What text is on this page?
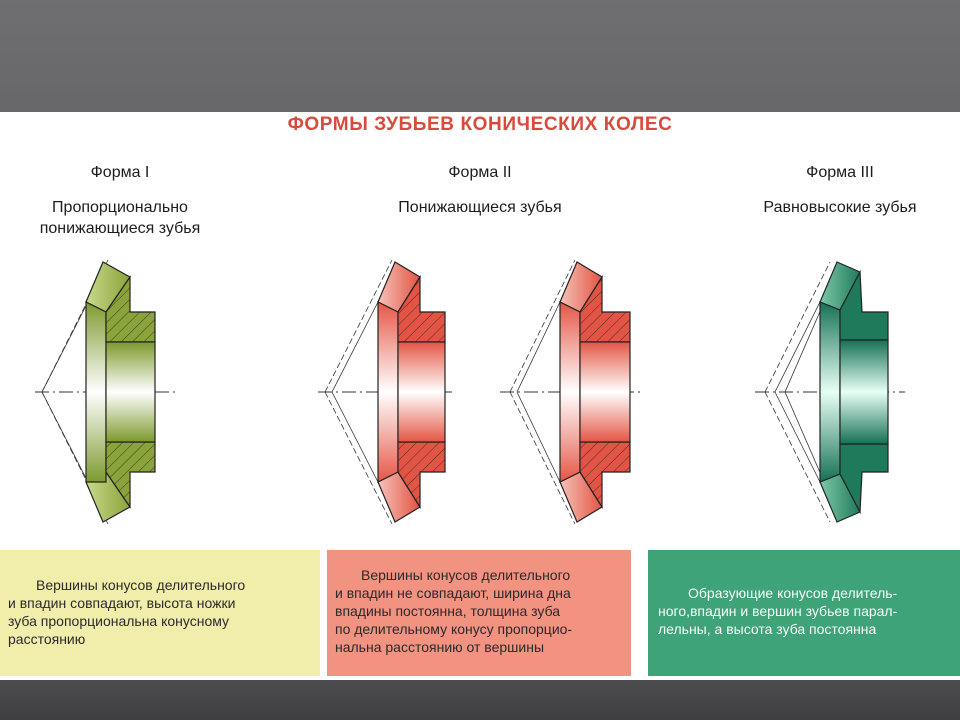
ФОРМЫ ЗУБЬЕВ КОНИЧЕСКИХ КОЛЕС
Форма I
Пропорционально
понижающиеся зубья
Форма II
Понижающиеся зубья
Форма III
Равновысокие зубья
Вершины конусов делительного
и впадин совпадают, высота ножки
зуба пропорциональна конусному
расстоянию
Вершины конусов делительного
и впадин не совпадают, ширина дна
впадины постоянна, толщина зуба
по делительному конусу пропорцио-
нальна расстоянию от вершины
Образующие конусов делитель-
ного,впадин и вершин зубьев парал-
лельны, а высота зуба постоянна
